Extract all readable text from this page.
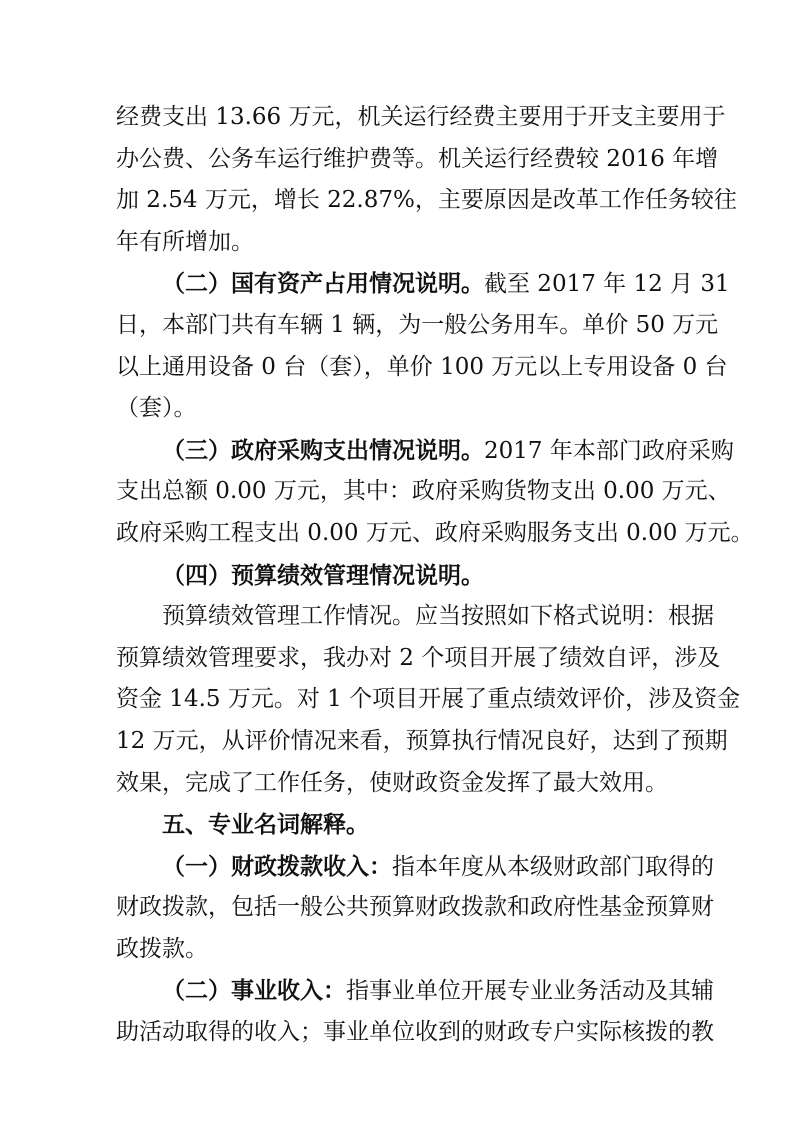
经费支出 13.66 万元，机关运行经费主要用于开支主要用于
办公费、公务车运行维护费等。机关运行经费较 2016 年增
加 2.54 万元，增长 22.87%，主要原因是改革工作任务较往
年有所增加。
（二）国有资产占用情况说明。截至 2017 年 12 月 31
日，本部门共有车辆 1 辆，为一般公务用车。单价 50 万元
以上通用设备 0 台（套），单价 100 万元以上专用设备 0 台
（套）。
（三）政府采购支出情况说明。2017 年本部门政府采购
支出总额 0.00 万元，其中：政府采购货物支出 0.00 万元、
政府采购工程支出 0.00 万元、政府采购服务支出 0.00 万元。
（四）预算绩效管理情况说明。
预算绩效管理工作情况。应当按照如下格式说明：根据
预算绩效管理要求，我办对 2 个项目开展了绩效自评，涉及
资金 14.5 万元。对 1 个项目开展了重点绩效评价，涉及资金
12 万元，从评价情况来看，预算执行情况良好，达到了预期
效果，完成了工作任务，使财政资金发挥了最大效用。
五、专业名词解释。
（一）财政拨款收入：指本年度从本级财政部门取得的
财政拨款，包括一般公共预算财政拨款和政府性基金预算财
政拨款。
（二）事业收入：指事业单位开展专业业务活动及其辅
助活动取得的收入；事业单位收到的财政专户实际核拨的教
